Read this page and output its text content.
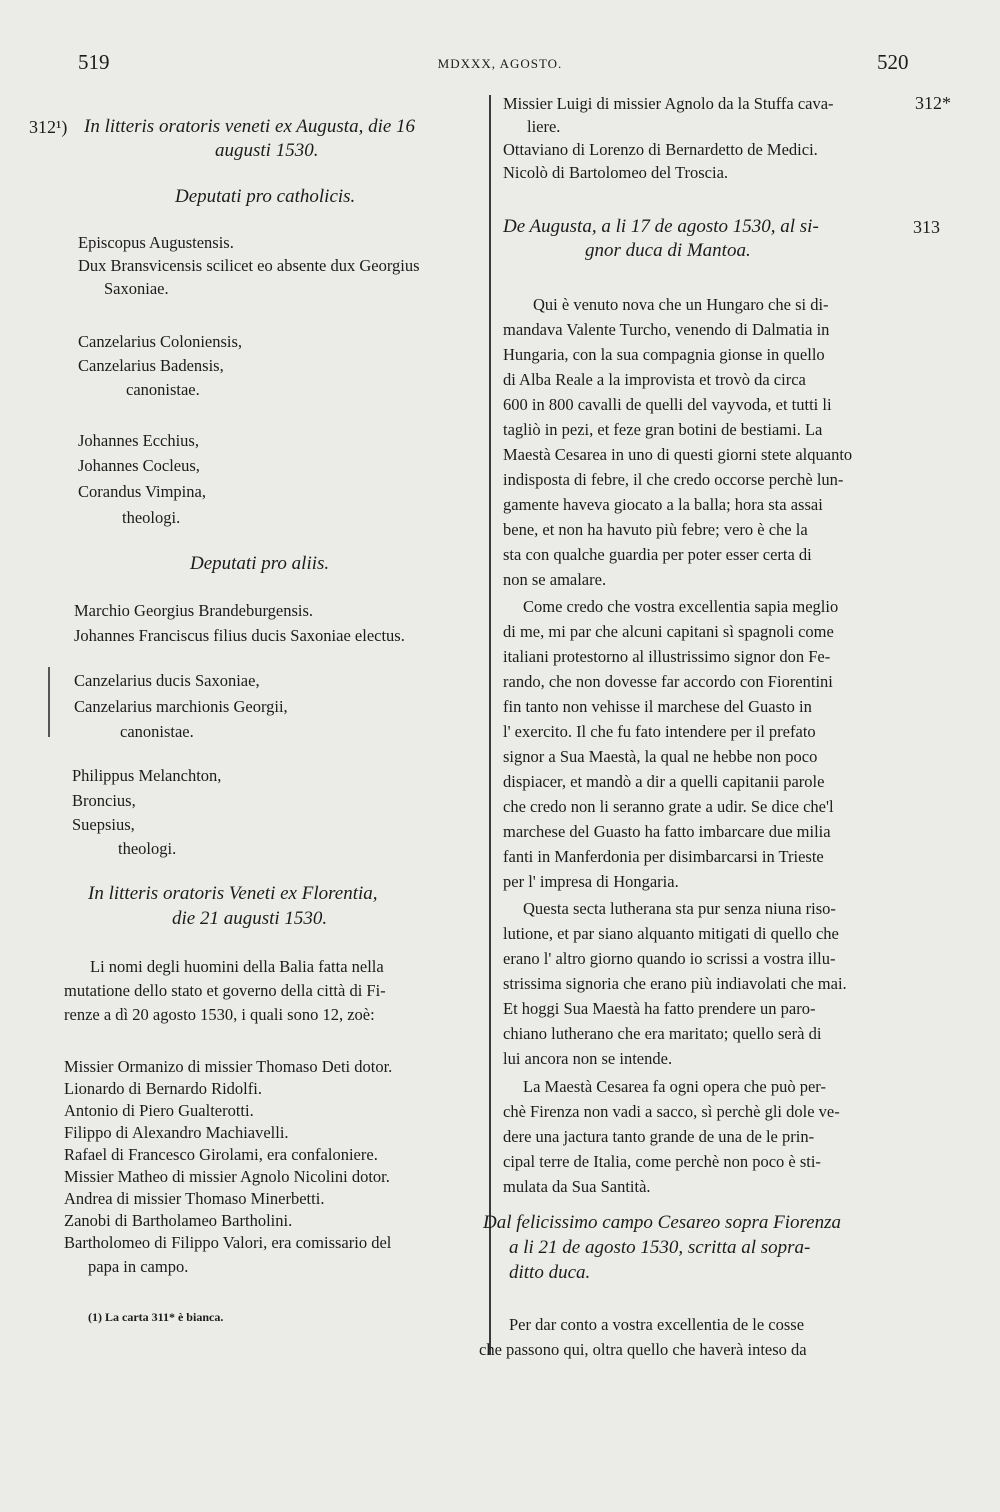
519	MDXXX, AGOSTO.	520
312¹)
312*
313
In litteris oratoris veneti ex Augusta, die 16
augusti 1530.
Deputati pro catholicis.
Episcopus Augustensis.
Dux Bransvicensis scilicet eo absente dux Georgius
Saxoniae.
Canzelarius Coloniensis,
Canzelarius Badensis,
canonistae.
Johannes Ecchius,
Johannes Cocleus,
Corandus Vimpina,
theologi.
Deputati pro aliis.
Marchio Georgius Brandeburgensis.
Johannes Franciscus filius ducis Saxoniae electus.
Canzelarius ducis Saxoniae,
Canzelarius marchionis Georgii,
canonistae.
Philippus Melanchton,
Broncius,
Suepsius,
theologi.
In litteris oratoris Veneti ex Florentia,
die 21 augusti 1530.
Li nomi degli huomini della Balia fatta nella
mutatione dello stato et governo della città di Fi-
renze a dì 20 agosto 1530, i quali sono 12, zoè:
Missier Ormanizo di missier Thomaso Deti dotor.
Lionardo di Bernardo Ridolfi.
Antonio di Piero Gualterotti.
Filippo di Alexandro Machiavelli.
Rafael di Francesco Girolami, era confaloniere.
Missier Matheo di missier Agnolo Nicolini dotor.
Andrea di missier Thomaso Minerbetti.
Zanobi di Bartholameo Bartholini.
Bartholomeo di Filippo Valori, era comissario del
papa in campo.
(1) La carta 311* è bianca.
Missier Luigi di missier Agnolo da la Stuffa cava-
liere.
Ottaviano di Lorenzo di Bernardetto de Medici.
Nicolò di Bartolomeo del Troscia.
De Augusta, a li 17 de agosto 1530, al si-
gnor duca di Mantoa.
Qui è venuto nova che un Hungaro che si di-
mandava Valente Turcho, venendo di Dalmatia in
Hungaria, con la sua compagnia gionse in quello
di Alba Reale a la improvista et trovò da circa
600 in 800 cavalli de quelli del vayvoda, et tutti li
tagliò in pezi, et feze gran botini de bestiami. La
Maestà Cesarea in uno di questi giorni stete alquanto
indisposta di febre, il che credo occorse perchè lun-
gamente haveva giocato a la balla; hora sta assai
bene, et non ha havuto più febre; vero è che la
sta con qualche guardia per poter esser certa di
non se amalare.
Come credo che vostra excellentia sapia meglio
di me, mi par che alcuni capitani sì spagnoli come
italiani protestorno al illustrissimo signor don Fe-
rando, che non dovesse far accordo con Fiorentini
fin tanto non vehisse il marchese del Guasto in
l' exercito. Il che fu fato intendere per il prefato
signor a Sua Maestà, la qual ne hebbe non poco
dispiacer, et mandò a dir a quelli capitanii parole
che credo non li seranno grate a udir. Se dice che'l
marchese del Guasto ha fatto imbarcare due milia
fanti in Manferdonia per disimbarcarsi in Trieste
per l' impresa di Hongaria.
Questa secta lutherana sta pur senza niuna riso-
lutione, et par siano alquanto mitigati di quello che
erano l' altro giorno quando io scrissi a vostra illu-
strissima signoria che erano più indiavolati che mai.
Et hoggi Sua Maestà ha fatto prendere un paro-
chiano lutherano che era maritato; quello serà di
lui ancora non se intende.
La Maestà Cesarea fa ogni opera che può per-
chè Firenza non vadi a sacco, sì perchè gli dole ve-
dere una jactura tanto grande de una de le prin-
cipal terre de Italia, come perchè non poco è sti-
mulata da Sua Santità.
Dal felicissimo campo Cesareo sopra Fiorenza
a li 21 de agosto 1530, scritta al sopra-
ditto duca.
Per dar conto a vostra excellentia de le cosse
che passono qui, oltra quello che haverà inteso da
